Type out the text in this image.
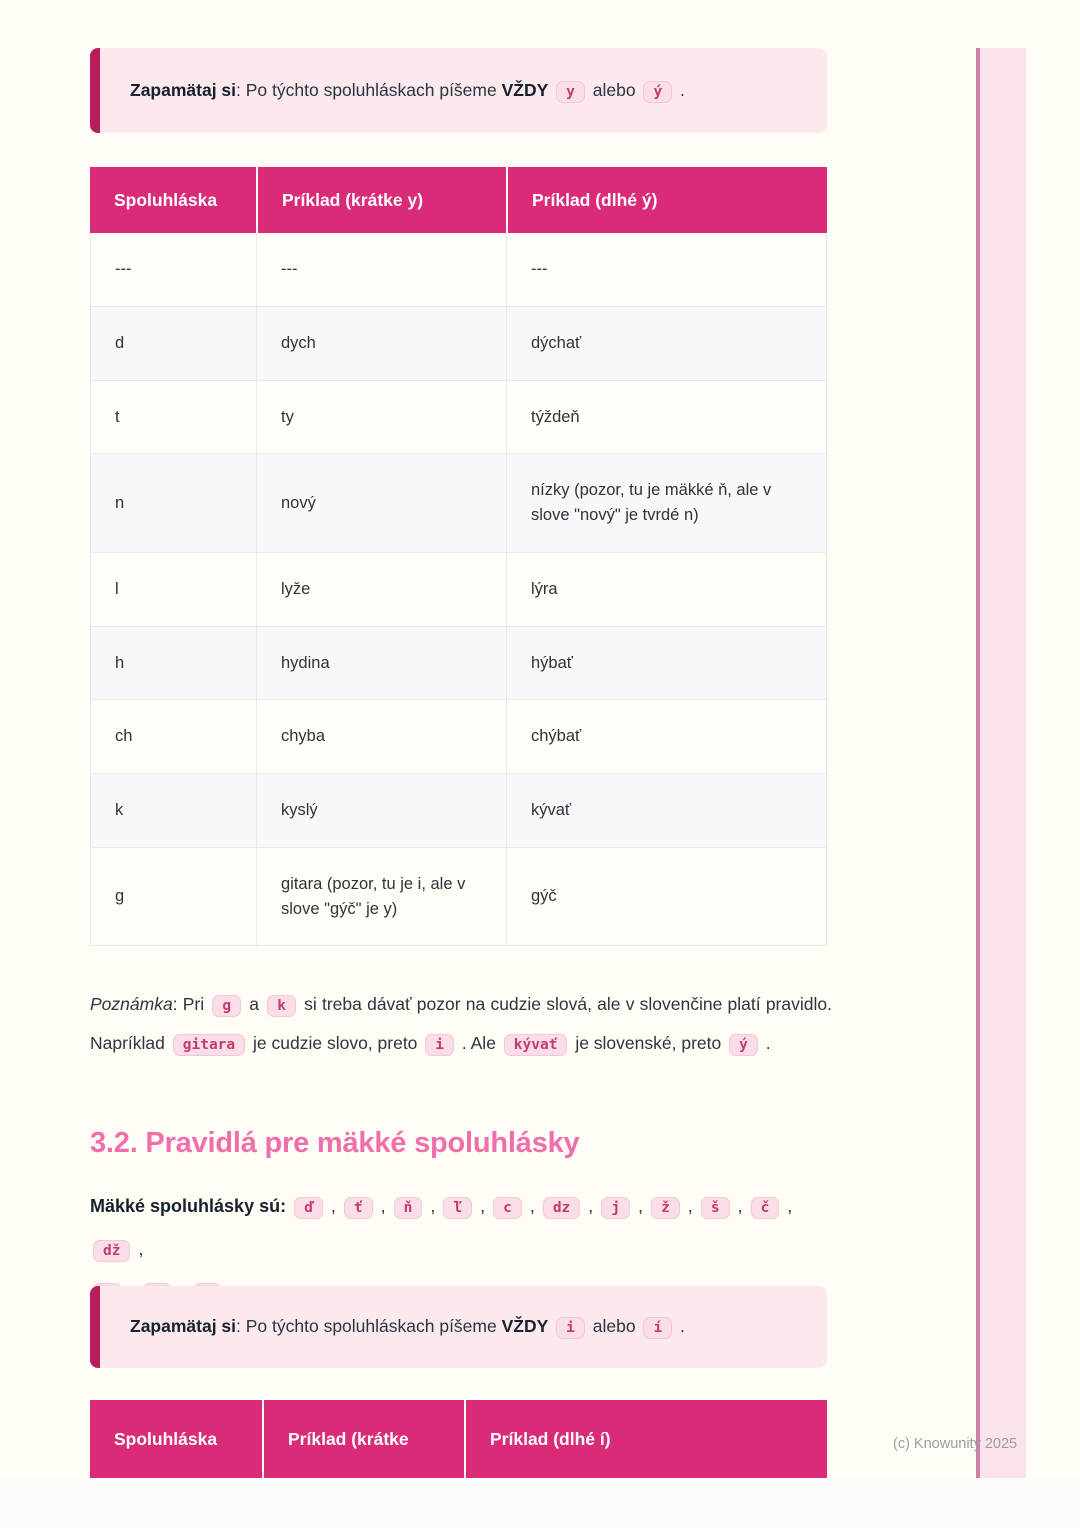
Zapamätaj si: Po týchto spoluhláskach píšeme VŽDY y alebo ý .

Spoluhláska	Príklad (krátke y)	Príklad (dlhé ý)
---	---	---
d	dych	dýchať
t	ty	týždeň
n	nový	nízky (pozor, tu je mäkké ň, ale v slove "nový" je tvrdé n)
l	lyže	lýra
h	hydina	hýbať
ch	chyba	chýbať
k	kyslý	kývať
g	gitara (pozor, tu je i, ale v slove "gýč" je y)	gýč

Poznámka: Pri g a k si treba dávať pozor na cudzie slová, ale v slovenčine platí pravidlo. Napríklad gitara je cudzie slovo, preto i . Ale kývať je slovenské, preto ý .

3.2. Pravidlá pre mäkké spoluhlásky

Mäkké spoluhlásky sú: ď , ť , ň , ľ , c , dz , j , ž , š , č , dž ,

Zapamätaj si: Po týchto spoluhláskach píšeme VŽDY i alebo í .

Spoluhláska	Príklad (krátke	Príklad (dlhé í)	(c) Knowunity 2025
